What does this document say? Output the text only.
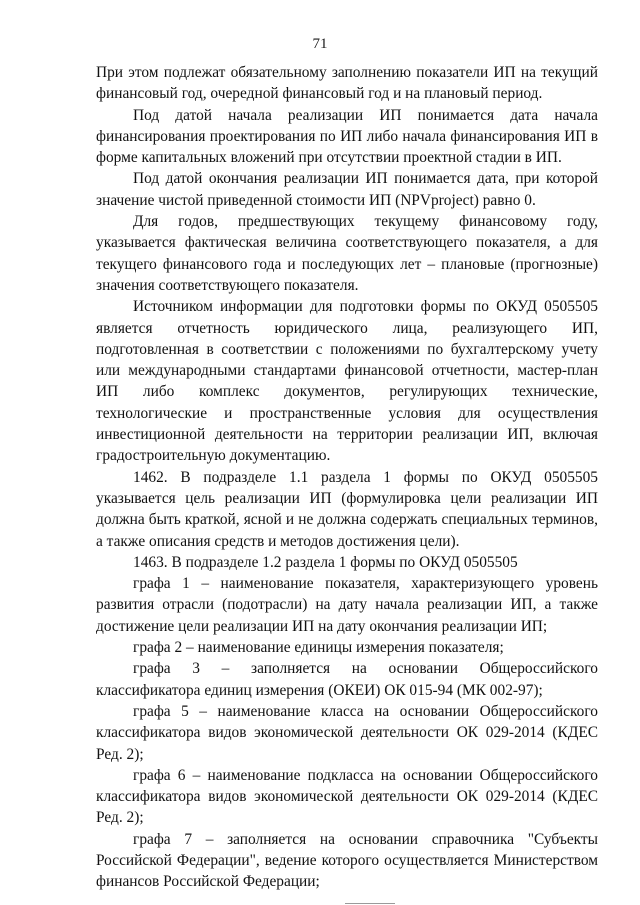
71

При этом подлежат обязательному заполнению показатели ИП на текущий финансовый год, очередной финансовый год и на плановый период.

Под датой начала реализации ИП понимается дата начала финансирования проектирования по ИП либо начала финансирования ИП в форме капитальных вложений при отсутствии проектной стадии в ИП.

Под датой окончания реализации ИП понимается дата, при которой значение чистой приведенной стоимости ИП (NPVproject) равно 0.

Для годов, предшествующих текущему финансовому году, указывается фактическая величина соответствующего показателя, а для текущего финансового года и последующих лет – плановые (прогнозные) значения соответствующего показателя.

Источником информации для подготовки формы по ОКУД 0505505 является отчетность юридического лица, реализующего ИП, подготовленная в соответствии с положениями по бухгалтерскому учету или международными стандартами финансовой отчетности, мастер-план ИП либо комплекс документов, регулирующих технические, технологические и пространственные условия для осуществления инвестиционной деятельности на территории реализации ИП, включая градостроительную документацию.

1462. В подразделе 1.1 раздела 1 формы по ОКУД 0505505 указывается цель реализации ИП (формулировка цели реализации ИП должна быть краткой, ясной и не должна содержать специальных терминов, а также описания средств и методов достижения цели).

1463. В подразделе 1.2 раздела 1 формы по ОКУД 0505505

графа 1 – наименование показателя, характеризующего уровень развития отрасли (подотрасли) на дату начала реализации ИП, а также достижение цели реализации ИП на дату окончания реализации ИП;

графа 2 – наименование единицы измерения показателя;

графа 3 – заполняется на основании Общероссийского классификатора единиц измерения (ОКЕИ) ОК 015-94 (МК 002-97);

графа 5 – наименование класса на основании Общероссийского классификатора видов экономической деятельности ОК 029-2014 (КДЕС Ред. 2);

графа 6 – наименование подкласса на основании Общероссийского классификатора видов экономической деятельности ОК 029-2014 (КДЕС Ред. 2);

графа 7 – заполняется на основании справочника "Субъекты Российской Федерации", ведение которого осуществляется Министерством финансов Российской Федерации;
